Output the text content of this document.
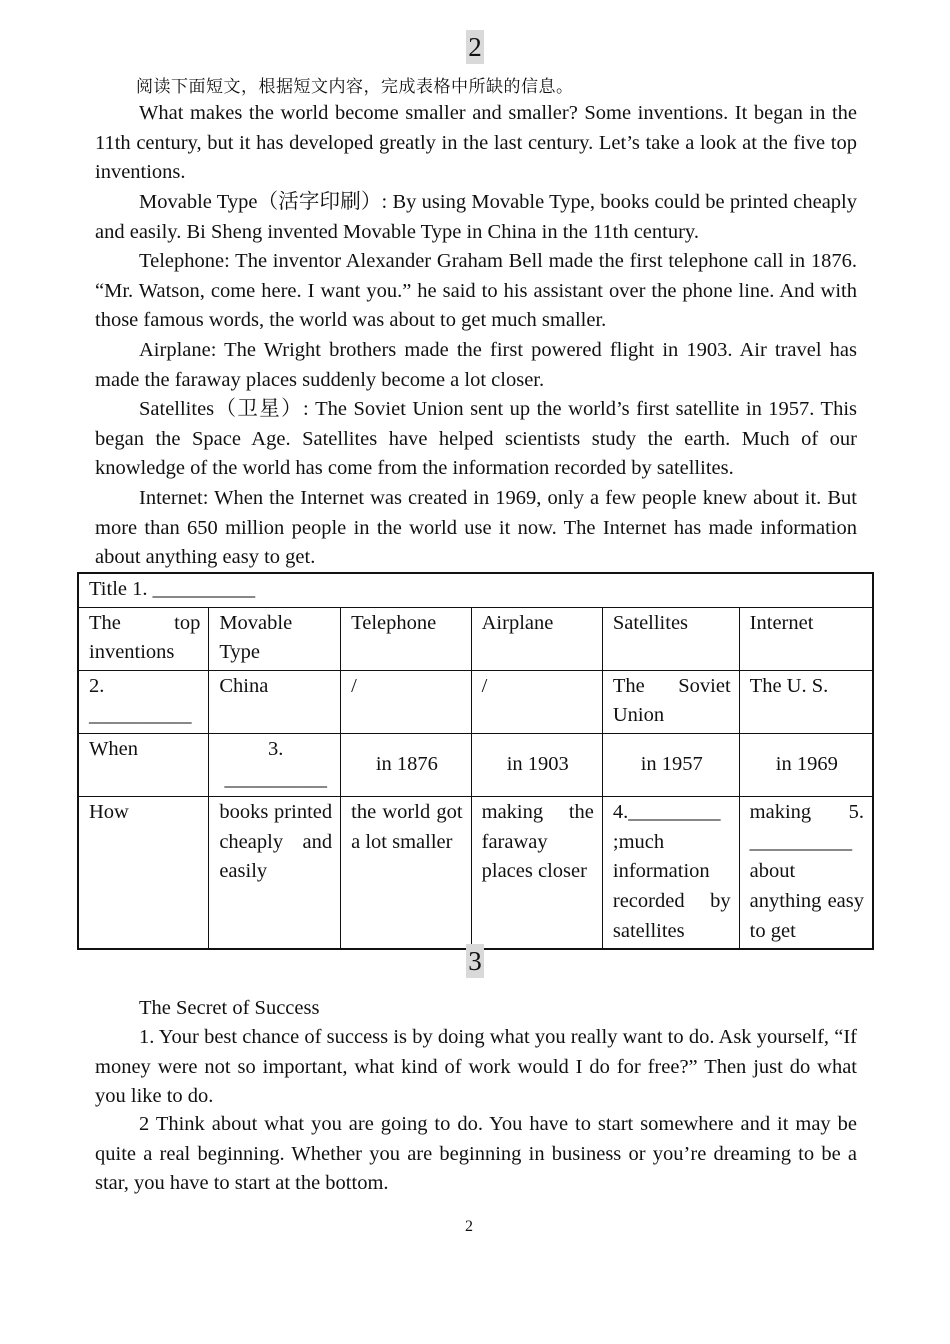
2
阅读下面短文，根据短文内容，完成表格中所缺的信息。

What makes the world become smaller and smaller? Some inventions. It began in the 11th century, but it has developed greatly in the last century. Let’s take a look at the five top inventions.

Movable Type（活字印刷）: By using Movable Type, books could be printed cheaply and easily. Bi Sheng invented Movable Type in China in the 11th century.

Telephone: The inventor Alexander Graham Bell made the first telephone call in 1876. “Mr. Watson, come here. I want you.” he said to his assistant over the phone line. And with those famous words, the world was about to get much smaller.

Airplane: The Wright brothers made the first powered flight in 1903. Air travel has made the faraway places suddenly become a lot closer.

Satellites（卫星）: The Soviet Union sent up the world’s first satellite in 1957. This began the Space Age. Satellites have helped scientists study the earth. Much of our knowledge of the world has come from the information recorded by satellites.

Internet: When the Internet was created in 1969, only a few people knew about it. But more than 650 million people in the world use it now. The Internet has made information about anything easy to get.

Title 1. __________					

The top inventions	Movable Type	Telephone	Airplane	Satellites	Internet
2. __________	China	/	/	The Soviet Union	The U. S.
When	3. __________	in 1876	in 1903	in 1957	in 1969
How	books printed cheaply and easily	the world got a lot smaller	making the faraway places closer	4._________ ;much information recorded by satellites	making 5. __________ about anything easy to get
3

The Secret of Success

1. Your best chance of success is by doing what you really want to do. Ask yourself, “If money were not so important, what kind of work would I do for free?” Then just do what you like to do.

2 Think about what you are going to do. You have to start somewhere and it may be quite a real beginning. Whether you are beginning in business or you’re dreaming to be a star, you have to start at the bottom.

2
